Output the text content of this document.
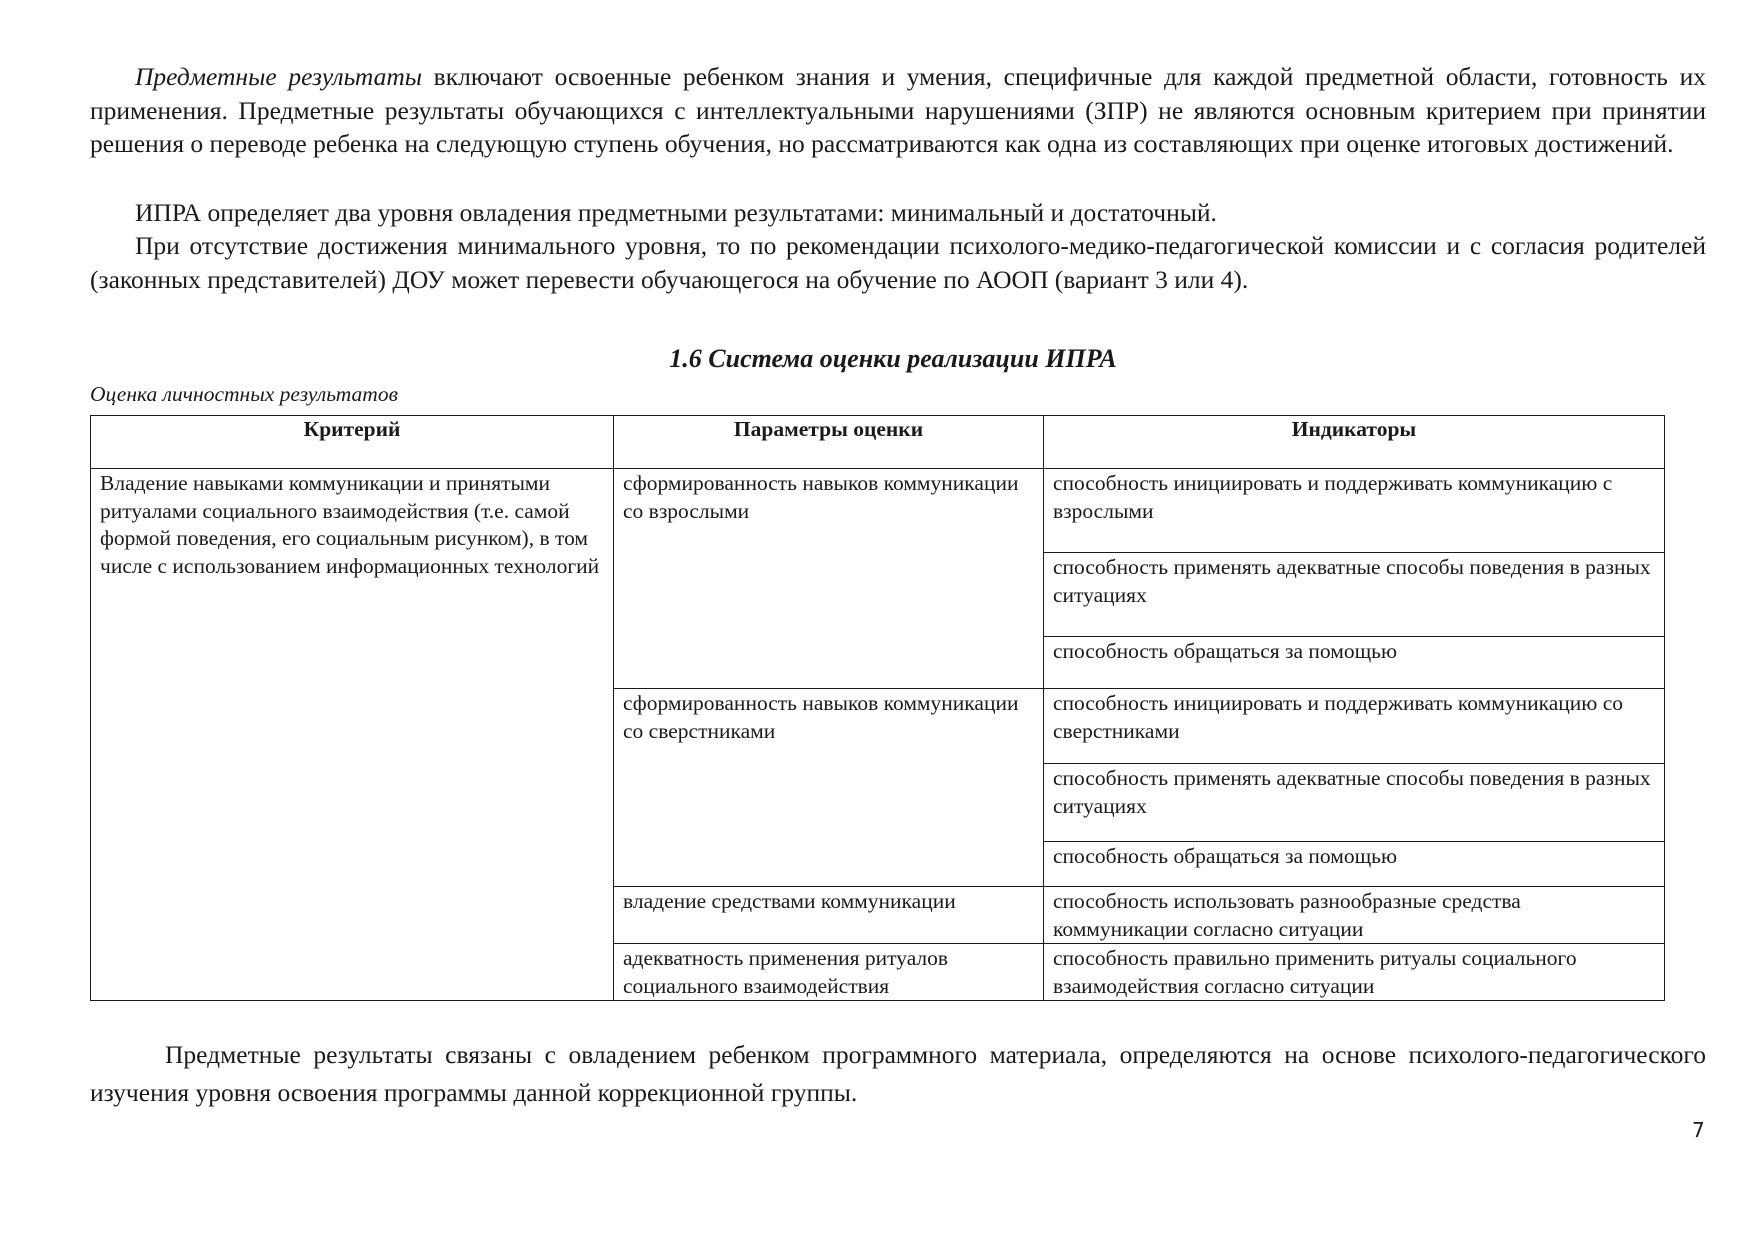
Предметные результаты включают освоенные ребенком знания и умения, специфичные для каждой предметной области, готовность их применения. Предметные результаты обучающихся с интеллектуальными нарушениями (ЗПР) не являются основным критерием при принятии решения о переводе ребенка на следующую ступень обучения, но рассматриваются как одна из составляющих при оценке итоговых достижений.

ИПРА определяет два уровня овладения предметными результатами: минимальный и достаточный.

При отсутствие достижения минимального уровня, то по рекомендации психолого-медико-педагогической комиссии и с согласия родителей (законных представителей) ДОУ может перевести обучающегося на обучение по АООП (вариант 3 или 4).

1.6 Система оценки реализации ИПРА

Оценка личностных результатов

Критерий	Параметры оценки	Индикаторы
Владение навыками коммуникации и принятыми ритуалами социального взаимодействия (т.е. самой формой поведения, его социальным рисунком), в том числе с использованием информационных технологий	сформированность навыков коммуникации со взрослыми	способность инициировать и поддерживать коммуникацию с взрослыми
		способность применять адекватные способы поведения в разных ситуациях
		способность обращаться за помощью
	сформированность навыков коммуникации со сверстниками	способность инициировать и поддерживать коммуникацию со сверстниками
		способность применять адекватные способы поведения в разных ситуациях
		способность обращаться за помощью
	владение средствами коммуникации	способность использовать разнообразные средства коммуникации согласно ситуации
	адекватность применения ритуалов социального взаимодействия	способность правильно применить ритуалы социального взаимодействия согласно ситуации

Предметные результаты связаны с овладением ребенком программного материала, определяются на основе психолого-педагогического изучения уровня освоения программы данной коррекционной группы.

7
